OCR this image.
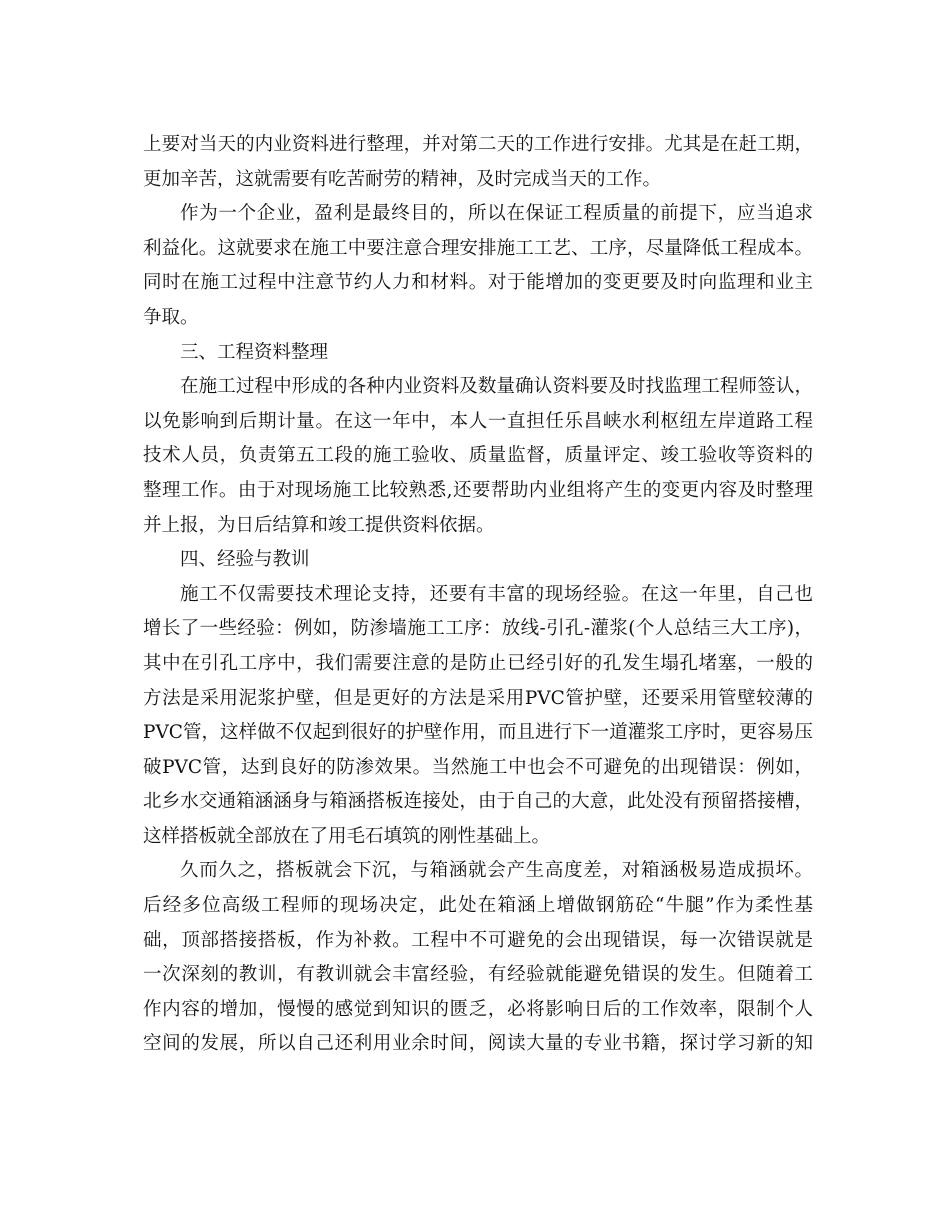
上要对当天的内业资料进行整理，并对第二天的工作进行安排。尤其是在赶工期，
更加辛苦，这就需要有吃苦耐劳的精神，及时完成当天的工作。
作为一个企业，盈利是最终目的，所以在保证工程质量的前提下，应当追求
利益化。这就要求在施工中要注意合理安排施工工艺、工序，尽量降低工程成本。
同时在施工过程中注意节约人力和材料。对于能增加的变更要及时向监理和业主
争取。
三、工程资料整理
在施工过程中形成的各种内业资料及数量确认资料要及时找监理工程师签认，
以免影响到后期计量。在这一年中，本人一直担任乐昌峡水利枢纽左岸道路工程
技术人员，负责第五工段的施工验收、质量监督，质量评定、竣工验收等资料的
整理工作。由于对现场施工比较熟悉,还要帮助内业组将产生的变更内容及时整理
并上报，为日后结算和竣工提供资料依据。
四、经验与教训
施工不仅需要技术理论支持，还要有丰富的现场经验。在这一年里，自己也
增长了一些经验：例如，防渗墙施工工序：放线-引孔-灌浆(个人总结三大工序)，
其中在引孔工序中，我们需要注意的是防止已经引好的孔发生塌孔堵塞，一般的
方法是采用泥浆护壁，但是更好的方法是采用PVC管护壁，还要采用管壁较薄的
PVC管，这样做不仅起到很好的护壁作用，而且进行下一道灌浆工序时，更容易压
破PVC管，达到良好的防渗效果。当然施工中也会不可避免的出现错误：例如，
北乡水交通箱涵涵身与箱涵搭板连接处，由于自己的大意，此处没有预留搭接槽，
这样搭板就全部放在了用毛石填筑的刚性基础上。
久而久之，搭板就会下沉，与箱涵就会产生高度差，对箱涵极易造成损坏。
后经多位高级工程师的现场决定，此处在箱涵上增做钢筋砼“牛腿”作为柔性基
础，顶部搭接搭板，作为补救。工程中不可避免的会出现错误，每一次错误就是
一次深刻的教训，有教训就会丰富经验，有经验就能避免错误的发生。但随着工
作内容的增加，慢慢的感觉到知识的匮乏，必将影响日后的工作效率，限制个人
空间的发展，所以自己还利用业余时间，阅读大量的专业书籍，探讨学习新的知
